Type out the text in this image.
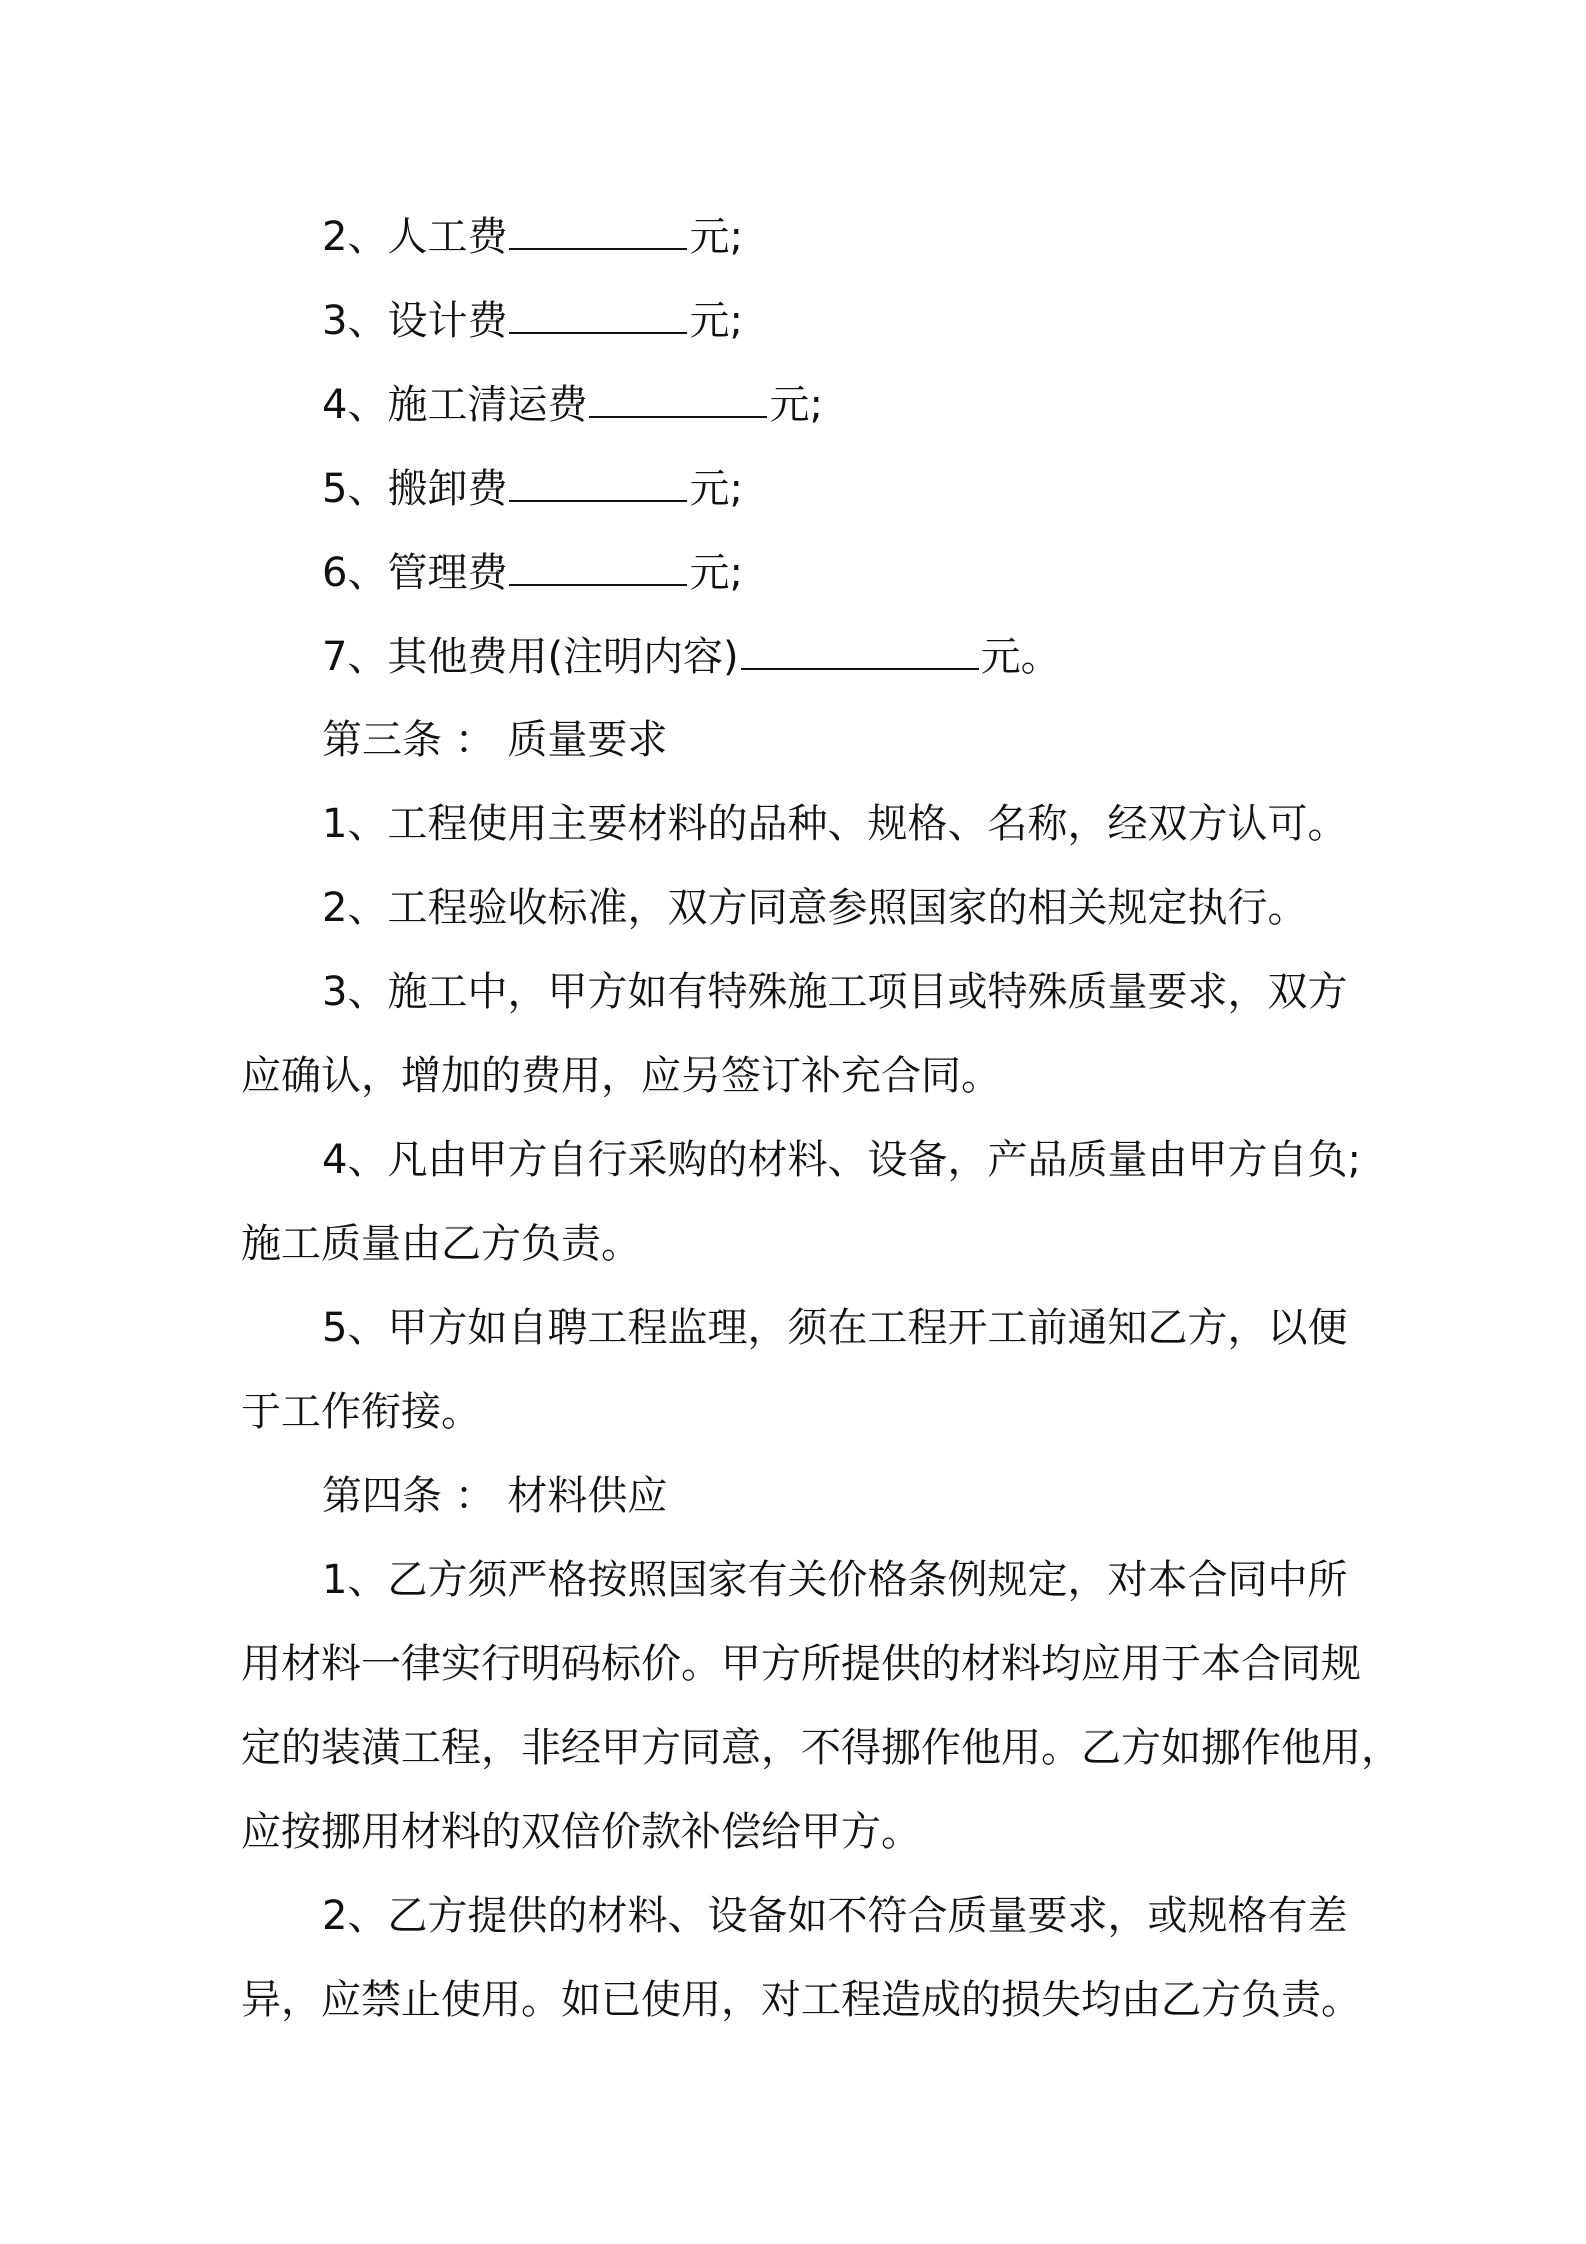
2、人工费	元;
3、设计费	元;
4、施工清运费	元;
5、搬卸费	元;
6、管理费	元;
7、其他费用(注明内容)	元。
第三条 ： 质量要求
1、工程使用主要材料的品种、规格、名称，经双方认可。
2、工程验收标准，双方同意参照国家的相关规定执行。
3、施工中，甲方如有特殊施工项目或特殊质量要求，双方
应确认，增加的费用，应另签订补充合同。
4、凡由甲方自行采购的材料、设备，产品质量由甲方自负;
施工质量由乙方负责。
5、甲方如自聘工程监理，须在工程开工前通知乙方，以便
于工作衔接。
第四条 ： 材料供应
1、乙方须严格按照国家有关价格条例规定，对本合同中所
用材料一律实行明码标价。甲方所提供的材料均应用于本合同规
定的装潢工程，非经甲方同意，不得挪作他用。乙方如挪作他用，
应按挪用材料的双倍价款补偿给甲方。
2、乙方提供的材料、设备如不符合质量要求，或规格有差
异，应禁止使用。如已使用，对工程造成的损失均由乙方负责。
